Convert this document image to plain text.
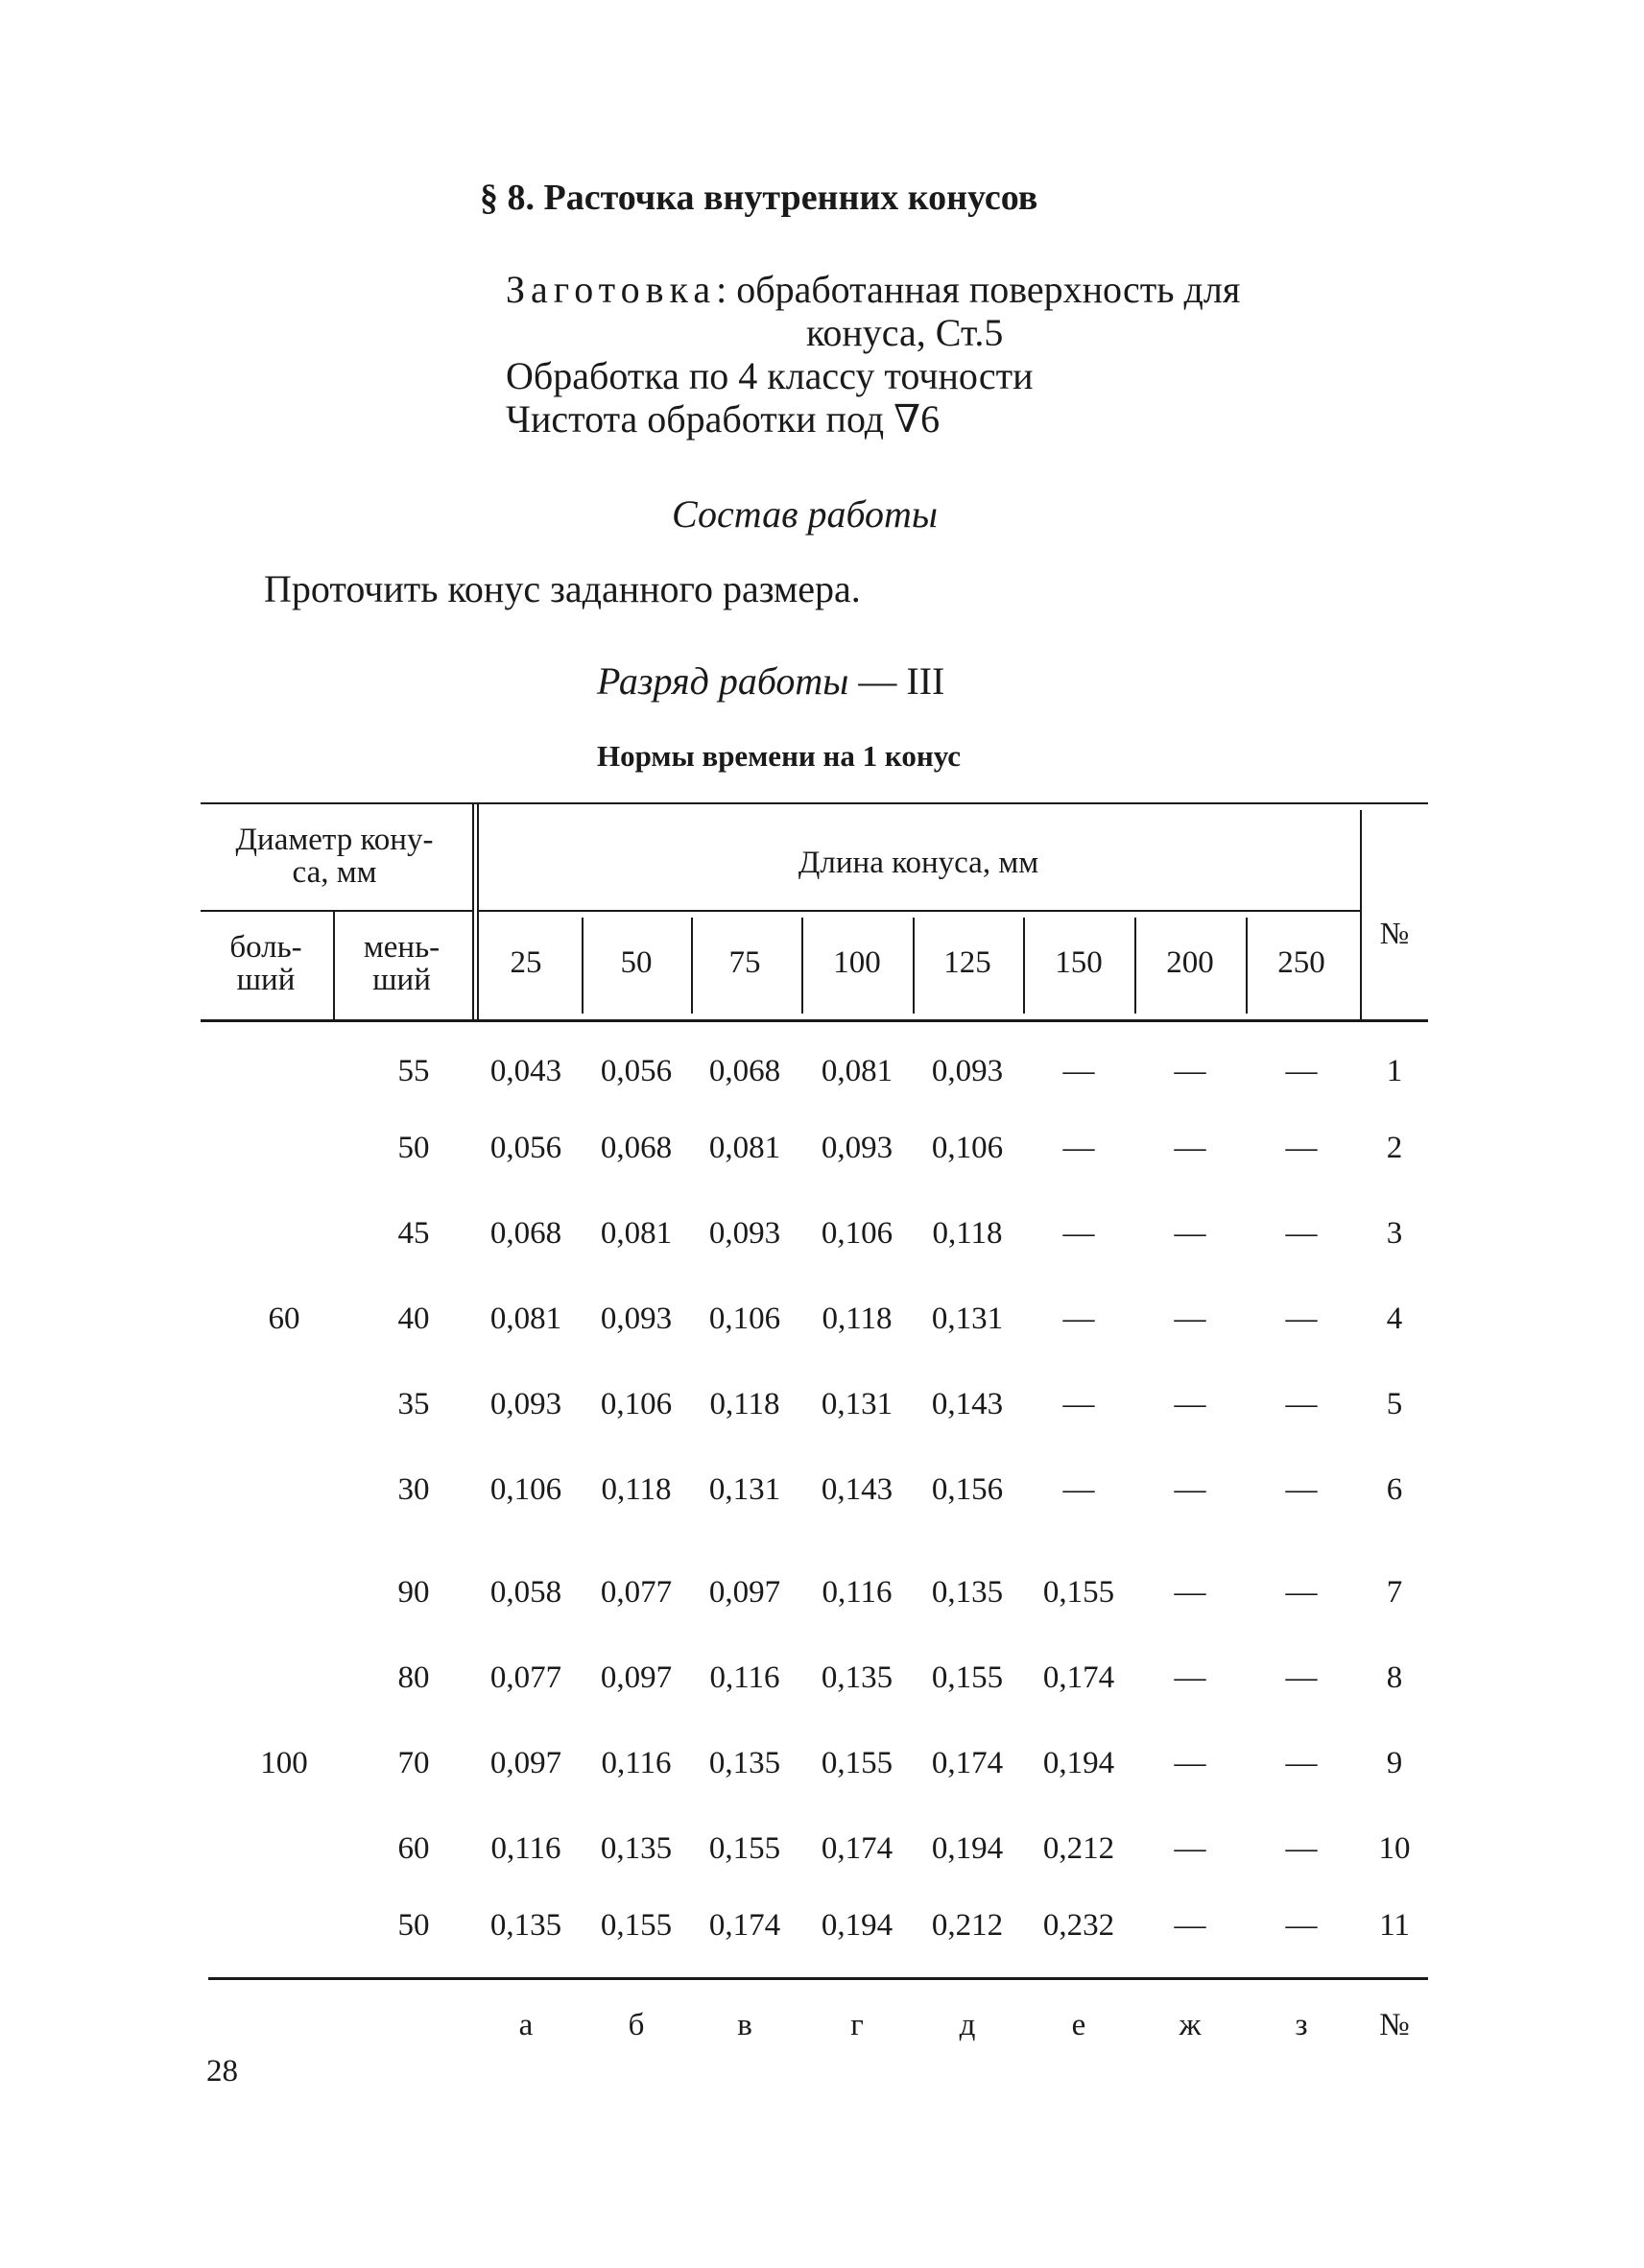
§ 8. Расточка внутренних конусов
Заготовка: обработанная поверхность для
конуса, Ст.5
Обработка по 4 классу точности
Чистота обработки под ∇6
Состав работы
Проточить конус заданного размера.
Разряд работы — III
Нормы времени на 1 конус
Диаметр кону-
са, мм
боль-
ший
мень-
ший
Длина конуса, мм
№
25	50	75	100	125	150	200	250
60
55	0,043 0,056 0,068 0,081 0,093	—	—	—	1
50	0,056 0,068 0,081 0,093 0,106	—	—	—	2
45	0,068 0,081 0,093 0,106 0,118	—	—	—	3
40	0,081 0,093 0,106 0,118 0,131	—	—	—	4
35	0,093 0,106 0,118 0,131 0,143	—	—	—	5
30	0,106 0,118 0,131 0,143 0,156	—	—	—	6
100
90	0,058 0,077 0,097 0,116 0,135 0,155	—	—	7
80	0,077 0,097 0,116 0,135 0,155 0,174	—	—	8
70	0,097 0,116 0,135 0,155 0,174 0,194	—	—	9
60	0,116 0,135 0,155 0,174 0,194 0,212	—	—	10
50	0,135 0,155 0,174 0,194 0,212 0,232	—	—	11
а	б	в	г	д	е	ж	з	№
28
